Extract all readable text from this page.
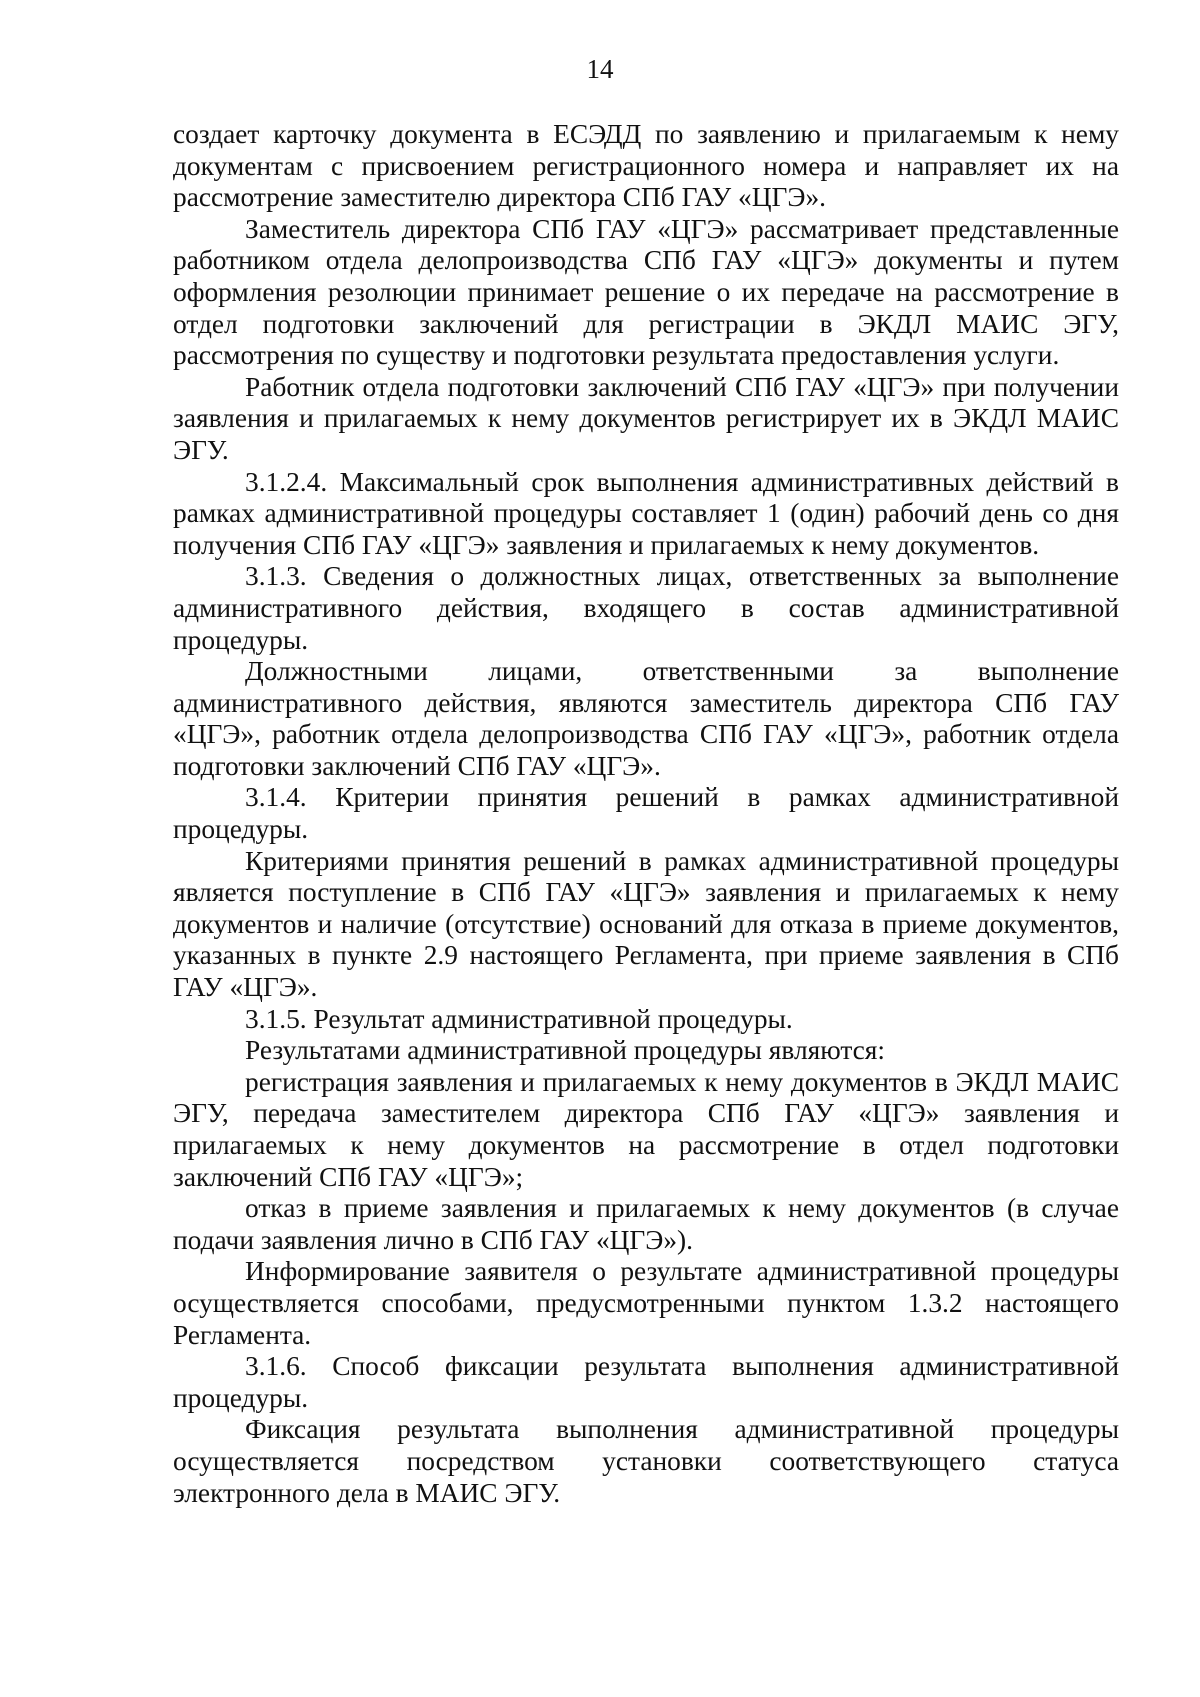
14

создает карточку документа в ЕСЭДД по заявлению и прилагаемым к нему документам с присвоением регистрационного номера и направляет их на рассмотрение заместителю директора СПб ГАУ «ЦГЭ».

Заместитель директора СПб ГАУ «ЦГЭ» рассматривает представленные работником отдела делопроизводства СПб ГАУ «ЦГЭ» документы и путем оформления резолюции принимает решение о их передаче на рассмотрение в отдел подготовки заключений для регистрации в ЭКДЛ МАИС ЭГУ, рассмотрения по существу и подготовки результата предоставления услуги.

Работник отдела подготовки заключений СПб ГАУ «ЦГЭ» при получении заявления и прилагаемых к нему документов регистрирует их в ЭКДЛ МАИС ЭГУ.

3.1.2.4. Максимальный срок выполнения административных действий в рамках административной процедуры составляет 1 (один) рабочий день со дня получения СПб ГАУ «ЦГЭ» заявления и прилагаемых к нему документов.

3.1.3. Сведения о должностных лицах, ответственных за выполнение административного действия, входящего в состав административной процедуры.

Должностными лицами, ответственными за выполнение административного действия, являются заместитель директора СПб ГАУ «ЦГЭ», работник отдела делопроизводства СПб ГАУ «ЦГЭ», работник отдела подготовки заключений СПб ГАУ «ЦГЭ».

3.1.4. Критерии принятия решений в рамках административной процедуры.

Критериями принятия решений в рамках административной процедуры является поступление в СПб ГАУ «ЦГЭ» заявления и прилагаемых к нему документов и наличие (отсутствие) оснований для отказа в приеме документов, указанных в пункте 2.9 настоящего Регламента, при приеме заявления в СПб ГАУ «ЦГЭ».

3.1.5. Результат административной процедуры.

Результатами административной процедуры являются:

регистрация заявления и прилагаемых к нему документов в ЭКДЛ МАИС ЭГУ, передача заместителем директора СПб ГАУ «ЦГЭ» заявления и прилагаемых к нему документов на рассмотрение в отдел подготовки заключений СПб ГАУ «ЦГЭ»;

отказ в приеме заявления и прилагаемых к нему документов (в случае подачи заявления лично в СПб ГАУ «ЦГЭ»).

Информирование заявителя о результате административной процедуры осуществляется способами, предусмотренными пунктом 1.3.2 настоящего Регламента.

3.1.6. Способ фиксации результата выполнения административной процедуры.

Фиксация результата выполнения административной процедуры осуществляется посредством установки соответствующего статуса электронного дела в МАИС ЭГУ.
